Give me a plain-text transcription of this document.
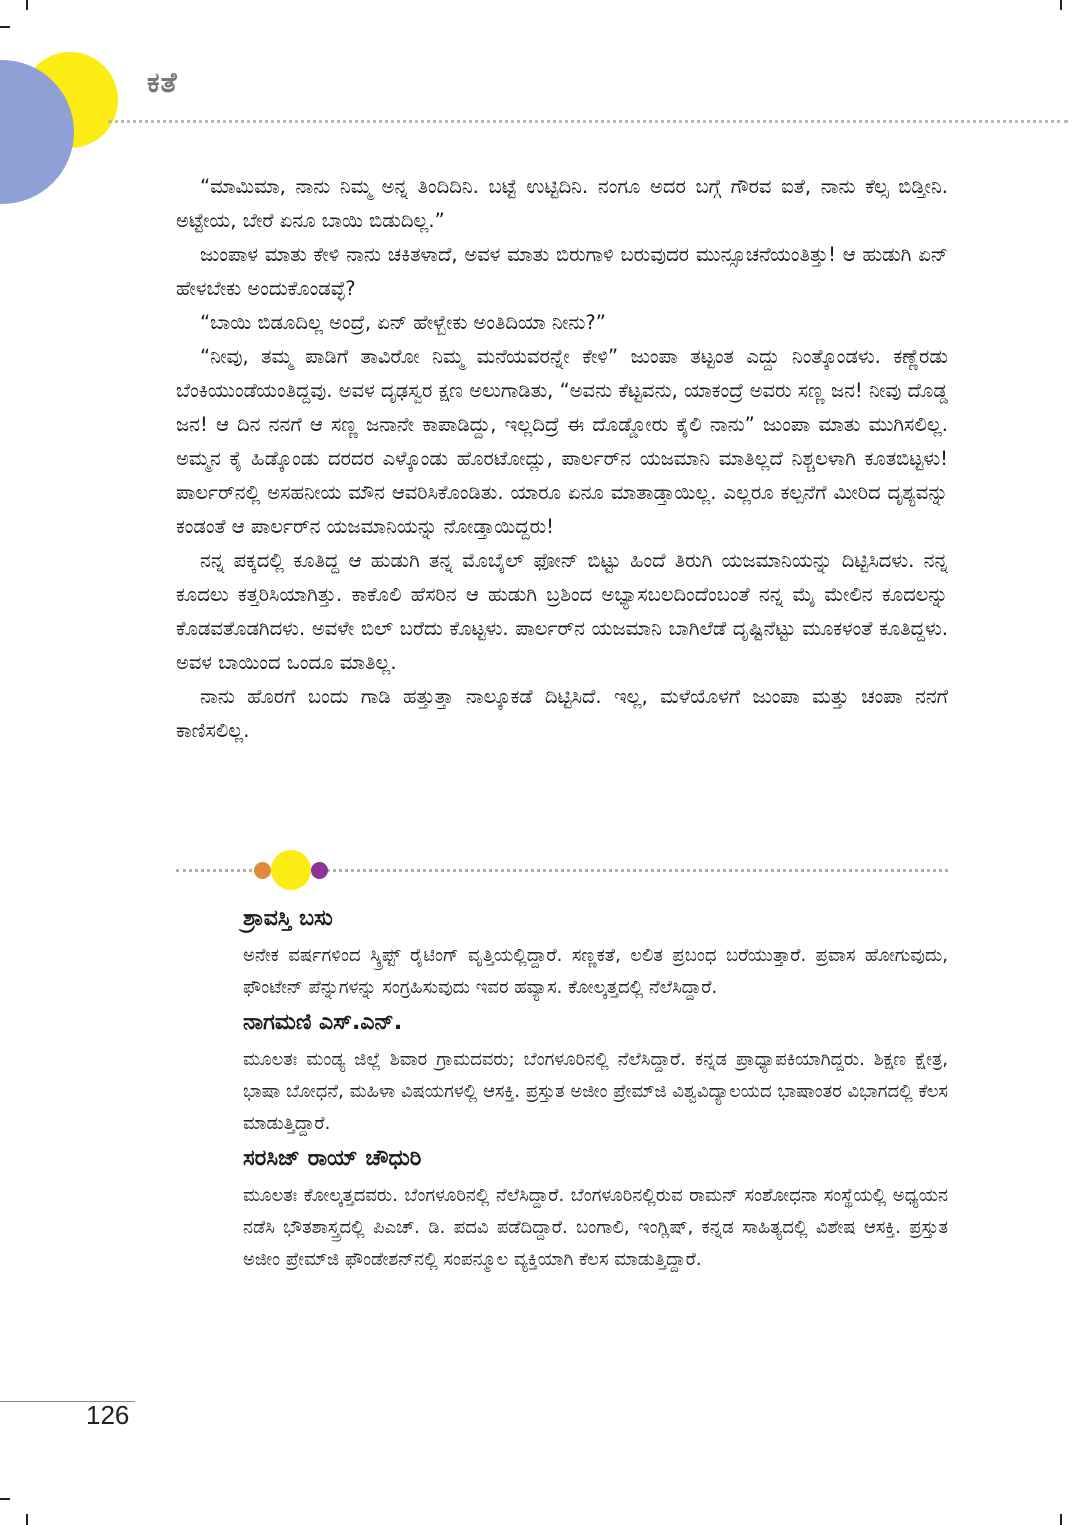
ಕತೆ

“ಮಾಮಿಮಾ, ನಾನು ನಿಮ್ಮ ಅನ್ನ ತಿಂದಿದಿನಿ. ಬಟ್ಟೆ ಉಟ್ಟಿದಿನಿ. ನಂಗೂ ಅದರ ಬಗ್ಗೆ ಗೌರವ ಐತೆ, ನಾನು ಕೆಲ್ಸ ಬಿಡ್ತೀನಿ. ಅಟ್ಟೇಯ, ಬೇರೆ ಏನೂ ಬಾಯಿ ಬಿಡುದಿಲ್ಲ.”

ಜುಂಪಾಳ ಮಾತು ಕೇಳಿ ನಾನು ಚಕಿತಳಾದೆ, ಅವಳ ಮಾತು ಬಿರುಗಾಳಿ ಬರುವುದರ ಮುನ್ಸೂಚನೆಯಂತಿತ್ತು! ಆ ಹುಡುಗಿ ಏನ್ ಹೇಳಬೇಕು ಅಂದುಕೊಂಡವ್ಳೆ?

“ಬಾಯಿ ಬಿಡೂದಿಲ್ಲ ಅಂದ್ರೆ, ಏನ್ ಹೇಳ್ಬೇಕು ಅಂತಿದಿಯಾ ನೀನು?”

“ನೀವು, ತಮ್ಮ ಪಾಡಿಗೆ ತಾವಿರೋ ನಿಮ್ಮ ಮನೆಯವರನ್ನೇ ಕೇಳಿ” ಜುಂಪಾ ತಟ್ಟಂತ ಎದ್ದು ನಿಂತ್ಕೊಂಡಳು. ಕಣ್ಣೆರಡು ಬೆಂಕಿಯುಂಡೆಯಂತಿದ್ದವು. ಅವಳ ದೃಢಸ್ವರ ಕ್ಷಣ ಅಲುಗಾಡಿತು, “ಅವನು ಕೆಟ್ಟವನು, ಯಾಕಂದ್ರೆ ಅವರು ಸಣ್ಣ ಜನ! ನೀವು ದೊಡ್ಡ ಜನ! ಆ ದಿನ ನನಗೆ ಆ ಸಣ್ಣ ಜನಾನೇ ಕಾಪಾಡಿದ್ದು, ಇಲ್ಲದಿದ್ರೆ ಈ ದೊಡ್ಡೋರು ಕೈಲಿ ನಾನು” ಜುಂಪಾ ಮಾತು ಮುಗಿಸಲಿಲ್ಲ. ಅಮ್ಮನ ಕೈ ಹಿಡ್ಕೊಂಡು ದರದರ ಎಳ್ಕೊಂಡು ಹೊರಟೋದ್ಲು, ಪಾರ್ಲರ್‌ನ ಯಜಮಾನಿ ಮಾತಿಲ್ಲದೆ ನಿಶ್ಚಲಳಾಗಿ ಕೂತಬಿಟ್ಟಳು! ಪಾರ್ಲರ್‌ನಲ್ಲಿ ಅಸಹನೀಯ ಮೌನ ಆವರಿಸಿಕೊಂಡಿತು. ಯಾರೂ ಏನೂ ಮಾತಾಡ್ತಾಯಿಲ್ಲ. ಎಲ್ಲರೂ ಕಲ್ಪನೆಗೆ ಮೀರಿದ ದೃಶ್ಯವನ್ನು ಕಂಡಂತೆ ಆ ಪಾರ್ಲರ್‌ನ ಯಜಮಾನಿಯನ್ನು ನೋಡ್ತಾಯಿದ್ದರು!

ನನ್ನ ಪಕ್ಕದಲ್ಲಿ ಕೂತಿದ್ದ ಆ ಹುಡುಗಿ ತನ್ನ ಮೊಬೈಲ್ ಫೋನ್ ಬಿಟ್ಟು ಹಿಂದೆ ತಿರುಗಿ ಯಜಮಾನಿಯನ್ನು ದಿಟ್ಟಿಸಿದಳು. ನನ್ನ ಕೂದಲು ಕತ್ತರಿಸಿಯಾಗಿತ್ತು. ಕಾಕೊಲಿ ಹೆಸರಿನ ಆ ಹುಡುಗಿ ಬ್ರಶಿಂದ ಅಭ್ಯಾಸಬಲದಿಂದೆಂಬಂತೆ ನನ್ನ ಮೈ ಮೇಲಿನ ಕೂದಲನ್ನು ಕೊಡವತೊಡಗಿದಳು. ಅವಳೇ ಬಿಲ್ ಬರೆದು ಕೊಟ್ಟಳು. ಪಾರ್ಲರ್‌ನ ಯಜಮಾನಿ ಬಾಗಿಲೆಡೆ ದೃಷ್ಟಿನೆಟ್ಟು ಮೂಕಳಂತೆ ಕೂತಿದ್ದಳು. ಅವಳ ಬಾಯಿಂದ ಒಂದೂ ಮಾತಿಲ್ಲ.

ನಾನು ಹೊರಗೆ ಬಂದು ಗಾಡಿ ಹತ್ತುತ್ತಾ ನಾಲ್ಕೂಕಡೆ ದಿಟ್ಟಿಸಿದೆ. ಇಲ್ಲ, ಮಳೆಯೊಳಗೆ ಜುಂಪಾ ಮತ್ತು ಚಂಪಾ ನನಗೆ ಕಾಣಿಸಲಿಲ್ಲ.

ಶ್ರಾವಸ್ತಿ ಬಸು

ಅನೇಕ ವರ್ಷಗಳಿಂದ ಸ್ಕ್ರಿಪ್ಟ್ ರೈಟಿಂಗ್ ವೃತ್ತಿಯಲ್ಲಿದ್ದಾರೆ. ಸಣ್ಣಕತೆ, ಲಲಿತ ಪ್ರಬಂಧ ಬರೆಯುತ್ತಾರೆ. ಪ್ರವಾಸ ಹೋಗುವುದು, ಫೌಂಟೇನ್ ಪೆನ್ನುಗಳನ್ನು ಸಂಗ್ರಹಿಸುವುದು ಇವರ ಹವ್ಯಾಸ. ಕೋಲ್ಕತ್ತದಲ್ಲಿ ನೆಲೆಸಿದ್ದಾರೆ.

ನಾಗಮಣಿ ಎಸ್.ಎನ್.

ಮೂಲತಃ ಮಂಡ್ಯ ಜಿಲ್ಲೆ ಶಿವಾರ ಗ್ರಾಮದವರು; ಬೆಂಗಳೂರಿನಲ್ಲಿ ನೆಲೆಸಿದ್ದಾರೆ. ಕನ್ನಡ ಪ್ರಾಧ್ಯಾಪಕಿಯಾಗಿದ್ದರು. ಶಿಕ್ಷಣ ಕ್ಷೇತ್ರ, ಭಾಷಾ ಬೋಧನೆ, ಮಹಿಳಾ ವಿಷಯಗಳಲ್ಲಿ ಆಸಕ್ತಿ. ಪ್ರಸ್ತುತ ಅಜೀಂ ಪ್ರೇಮ್‌ಜಿ ವಿಶ್ವವಿದ್ಯಾಲಯದ ಭಾಷಾಂತರ ವಿಭಾಗದಲ್ಲಿ ಕೆಲಸ ಮಾಡುತ್ತಿದ್ದಾರೆ.

ಸರಸಿಜ್ ರಾಯ್ ಚೌಧುರಿ

ಮೂಲತಃ ಕೋಲ್ಕತ್ತದವರು. ಬೆಂಗಳೂರಿನಲ್ಲಿ ನೆಲೆಸಿದ್ದಾರೆ. ಬೆಂಗಳೂರಿನಲ್ಲಿರುವ ರಾಮನ್ ಸಂಶೋಧನಾ ಸಂಸ್ಥೆಯಲ್ಲಿ ಅಧ್ಯಯನ ನಡೆಸಿ ಭೌತಶಾಸ್ತ್ರದಲ್ಲಿ ಪಿಎಚ್. ಡಿ. ಪದವಿ ಪಡೆದಿದ್ದಾರೆ. ಬಂಗಾಲಿ, ಇಂಗ್ಲಿಷ್, ಕನ್ನಡ ಸಾಹಿತ್ಯದಲ್ಲಿ ವಿಶೇಷ ಆಸಕ್ತಿ. ಪ್ರಸ್ತುತ ಅಜೀಂ ಪ್ರೇಮ್‌ಜಿ ಫೌಂಡೇಶನ್‌ನಲ್ಲಿ ಸಂಪನ್ಮೂಲ ವ್ಯಕ್ತಿಯಾಗಿ ಕೆಲಸ ಮಾಡುತ್ತಿದ್ದಾರೆ.

126
